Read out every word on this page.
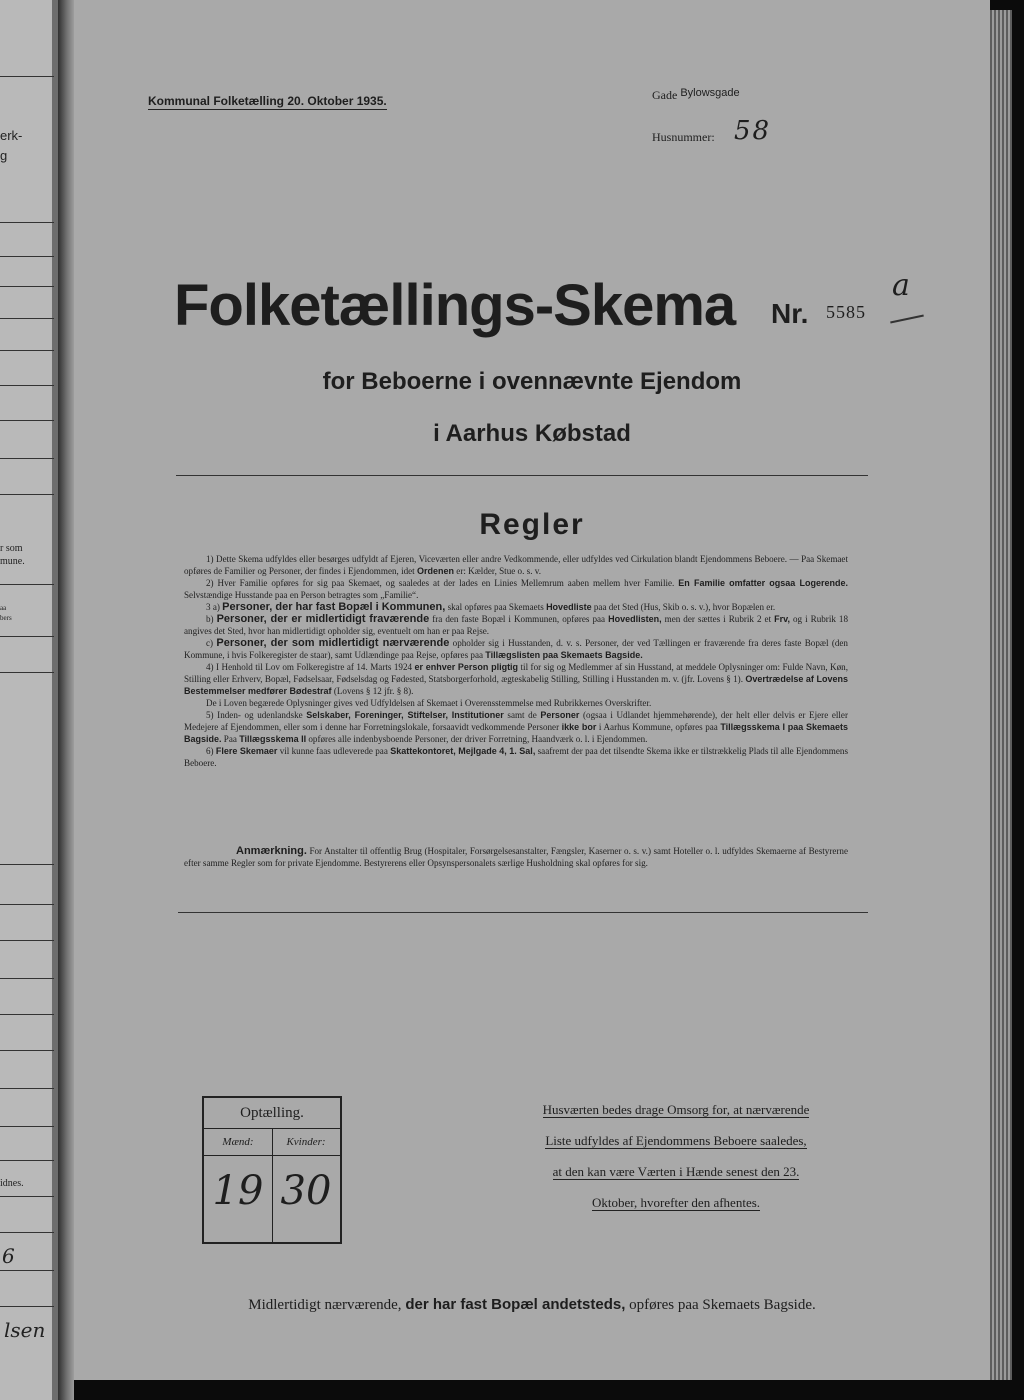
erk-
g
r som
mune.
aa
bers
idnes.
6
lsen
Kommunal Folketælling 20. Oktober 1935.	Gade Bylowsgade
Husnummer: 58
Folketællings-Skema Nr. 5585
a
for Beboerne i ovennævnte Ejendom
i Aarhus Købstad
Regler

1) Dette Skema udfyldes eller besørges udfyldt af Ejeren, Viceværten eller andre Vedkommende, eller udfyldes ved Cirkulation blandt Ejendommens Beboere. — Paa Skemaet opføres de Familier og Personer, der findes i Ejendommen, idet Ordenen er: Kælder, Stue o. s. v.

2) Hver Familie opføres for sig paa Skemaet, og saaledes at der lades en Linies Mellemrum aaben mellem hver Familie. En Familie omfatter ogsaa Logerende. Selvstændige Husstande paa en Person betragtes som „Familie“.

3 a) Personer, der har fast Bopæl i Kommunen, skal opføres paa Skemaets Hovedliste paa det Sted (Hus, Skib o. s. v.), hvor Bopælen er.

b) Personer, der er midlertidigt fraværende fra den faste Bopæl i Kommunen, opføres paa Hovedlisten, men der sættes i Rubrik 2 et Frv, og i Rubrik 18 angives det Sted, hvor han midlertidigt opholder sig, eventuelt om han er paa Rejse.

c) Personer, der som midlertidigt nærværende opholder sig i Husstanden, d. v. s. Personer, der ved Tællingen er fraværende fra deres faste Bopæl (den Kommune, i hvis Folkeregister de staar), samt Udlændinge paa Rejse, opføres paa Tillægslisten paa Skemaets Bagside.

4) I Henhold til Lov om Folkeregistre af 14. Marts 1924 er enhver Person pligtig til for sig og Medlemmer af sin Husstand, at meddele Oplysninger om: Fulde Navn, Køn, Stilling eller Erhverv, Bopæl, Fødselsaar, Fødselsdag og Fødested, Statsborgerforhold, ægteskabelig Stilling, Stilling i Husstanden m. v. (jfr. Lovens § 1). Overtrædelse af Lovens Bestemmelser medfører Bødestraf (Lovens § 12 jfr. § 8).

De i Loven begærede Oplysninger gives ved Udfyldelsen af Skemaet i Overensstemmelse med Rubrikkernes Overskrifter.

5) Inden- og udenlandske Selskaber, Foreninger, Stiftelser, Institutioner samt de Personer (ogsaa i Udlandet hjemmehørende), der helt eller delvis er Ejere eller Medejere af Ejendommen, eller som i denne har Forretningslokale, forsaavidt vedkommende Personer ikke bor i Aarhus Kommune, opføres paa Tillægsskema I paa Skemaets Bagside. Paa Tillægsskema II opføres alle indenbysboende Personer, der driver Forretning, Haandværk o. l. i Ejendommen.

6) Flere Skemaer vil kunne faas udleverede paa Skattekontoret, Mejlgade 4, 1. Sal, saafremt der paa det tilsendte Skema ikke er tilstrækkelig Plads til alle Ejendommens Beboere.

Anmærkning. For Anstalter til offentlig Brug (Hospitaler, Forsørgelsesanstalter, Fængsler, Kaserner o. s. v.) samt Hoteller o. l. udfyldes Skemaerne af Bestyrerne efter samme Regler som for private Ejendomme. Bestyrerens eller Opsynspersonalets særlige Husholdning skal opføres for sig.

Optælling.
Mænd:
19
Kvinder:
30
Husværten bedes drage Omsorg for, at nærværende
Liste udfyldes af Ejendommens Beboere saaledes,
at den kan være Værten i Hænde senest den 23.
Oktober, hvorefter den afhentes.
Midlertidigt nærværende, der har fast Bopæl andetsteds, opføres paa Skemaets Bagside.
